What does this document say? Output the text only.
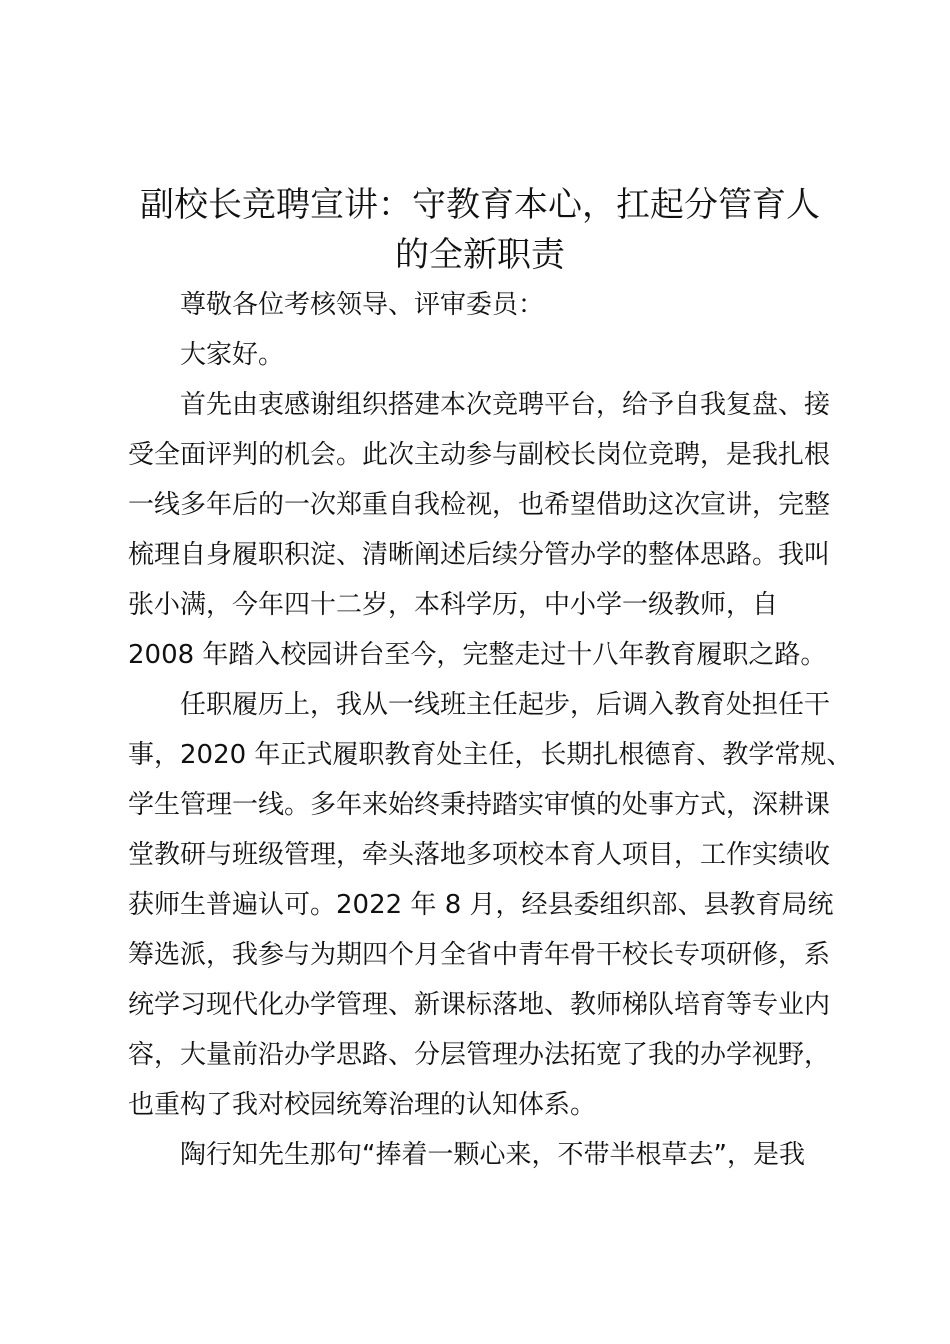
副校长竞聘宣讲：守教育本心，扛起分管育人
的全新职责
尊敬各位考核领导、评审委员：
大家好。
首先由衷感谢组织搭建本次竞聘平台，给予自我复盘、接
受全面评判的机会。此次主动参与副校长岗位竞聘，是我扎根
一线多年后的一次郑重自我检视，也希望借助这次宣讲，完整
梳理自身履职积淀、清晰阐述后续分管办学的整体思路。我叫
张小满，今年四十二岁，本科学历，中小学一级教师，自
2008 年踏入校园讲台至今，完整走过十八年教育履职之路。
任职履历上，我从一线班主任起步，后调入教育处担任干
事，2020 年正式履职教育处主任，长期扎根德育、教学常规、
学生管理一线。多年来始终秉持踏实审慎的处事方式，深耕课
堂教研与班级管理，牵头落地多项校本育人项目，工作实绩收
获师生普遍认可。2022 年 8 月，经县委组织部、县教育局统
筹选派，我参与为期四个月全省中青年骨干校长专项研修，系
统学习现代化办学管理、新课标落地、教师梯队培育等专业内
容，大量前沿办学思路、分层管理办法拓宽了我的办学视野，
也重构了我对校园统筹治理的认知体系。
陶行知先生那句“捧着一颗心来，不带半根草去”，是我
